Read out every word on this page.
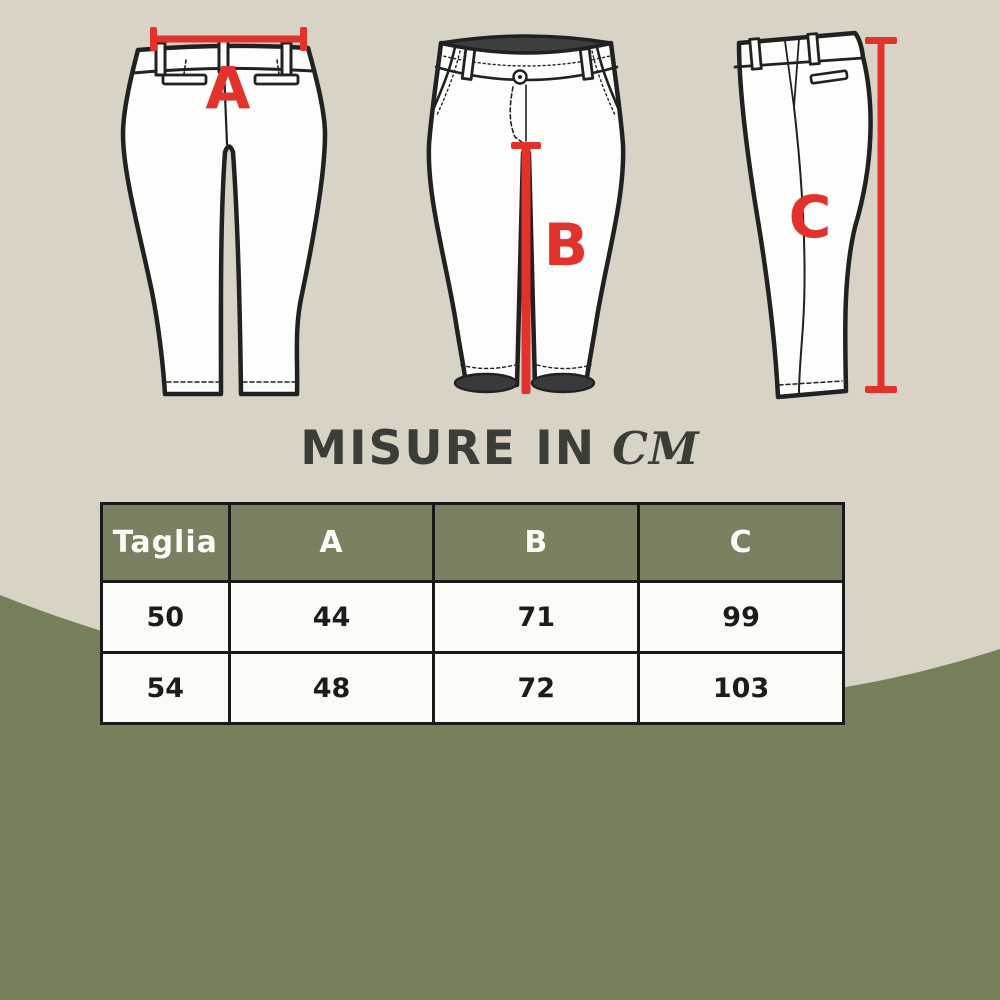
A
B	C
MISURE IN CM
Taglia	A	B	C
50	44	71	99
54	48	72	103
